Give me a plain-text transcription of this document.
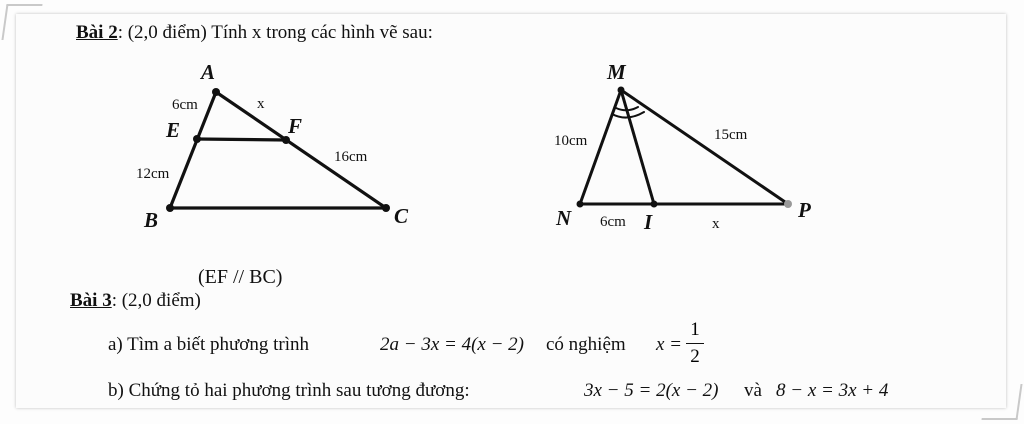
Bài 2: (2,0 điểm) Tính x trong các hình vẽ sau:
A
E	F
B	C
6cm	x
12cm
16cm
(EF // BC)
M
N	I	P
10cm	15cm
6cm	x
Bài 3: (2,0 điểm)
a) Tìm a biết phương trình	2a − 3x = 4(x − 2) có nghiệm x =
1
2
b) Chứng tỏ hai phương trình sau tương đương:	3x − 5 = 2(x − 2) và 8 − x = 3x + 4
